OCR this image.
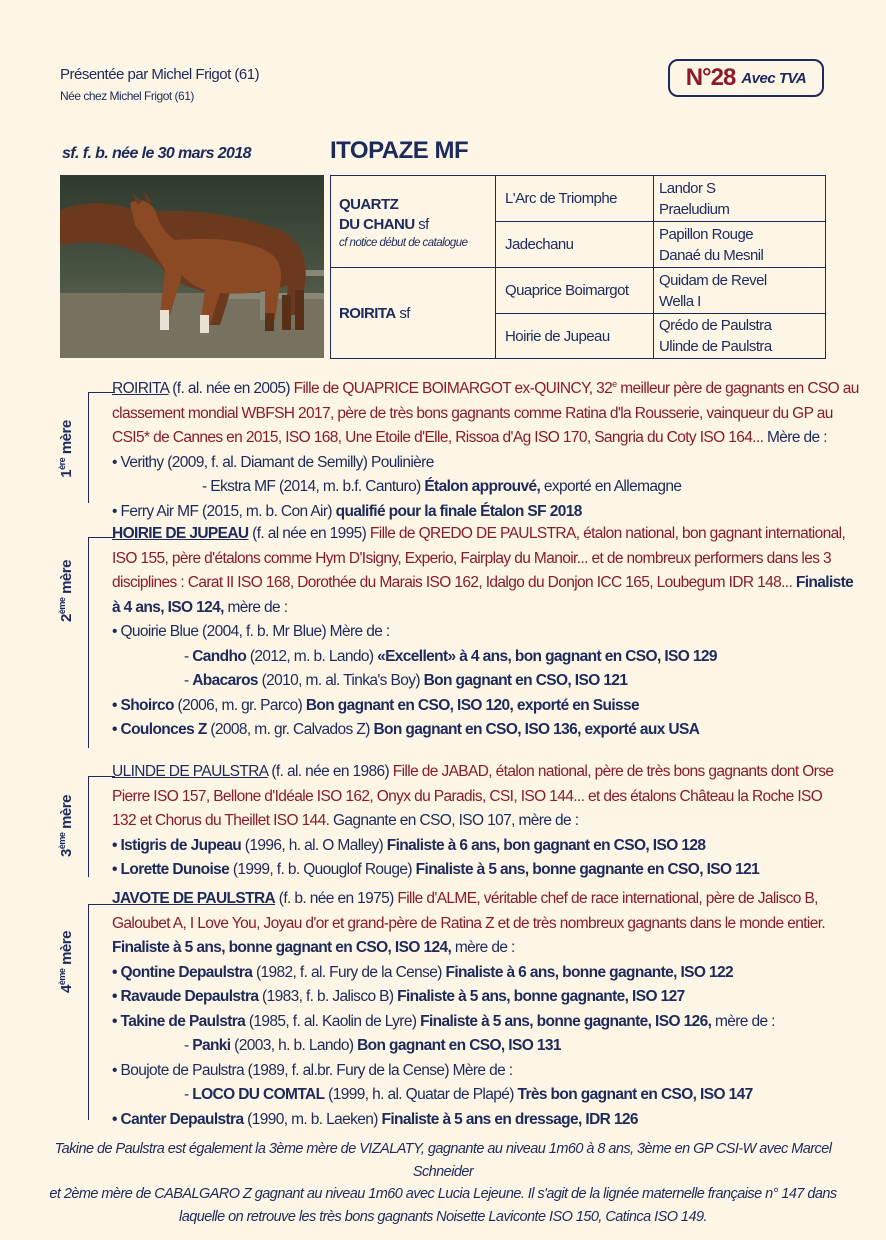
Présentée par Michel Frigot (61)
Née chez Michel Frigot (61)
N°28 Avec TVA
sf. f. b. née le 30 mars 2018	ITOPAZE MF
QUARTZ
DU CHANU sf
cf notice début de catalogue
ROIRITA sf
L'Arc de Triomphe
Jadechanu
Quaprice Boimargot
Hoirie de Jupeau
Landor S
Praeludium
Papillon Rouge
Danaé du Mesnil
Quidam de Revel
Wella I
Qrédo de Paulstra
Ulinde de Paulstra
1ère mère
2ème mère
3ème mère
4ème mère
ROIRITA (f. al. née en 2005) Fille de QUAPRICE BOIMARGOT ex-QUINCY, 32e meilleur père de gagnants en CSO au
classement mondial WBFSH 2017, père de très bons gagnants comme Ratina d'la Rousserie, vainqueur du GP au
CSI5* de Cannes en 2015, ISO 168, Une Etoile d'Elle, Rissoa d'Ag ISO 170, Sangria du Coty ISO 164... Mère de :
• Verithy (2009, f. al. Diamant de Semilly) Poulinière
- Ekstra MF (2014, m. b.f. Canturo) Étalon approuvé, exporté en Allemagne
• Ferry Air MF (2015, m. b. Con Air) qualifié pour la finale Étalon SF 2018
HOIRIE DE JUPEAU (f. al née en 1995) Fille de QREDO DE PAULSTRA, étalon national, bon gagnant international,
ISO 155, père d'étalons comme Hym D'Isigny, Experio, Fairplay du Manoir... et de nombreux performers dans les 3
disciplines : Carat II ISO 168, Dorothée du Marais ISO 162, Idalgo du Donjon ICC 165, Loubegum IDR 148... Finaliste
à 4 ans, ISO 124, mère de :
• Quoirie Blue (2004, f. b. Mr Blue) Mère de :
- Candho (2012, m. b. Lando) «Excellent» à 4 ans, bon gagnant en CSO, ISO 129
- Abacaros (2010, m. al. Tinka's Boy) Bon gagnant en CSO, ISO 121
• Shoirco (2006, m. gr. Parco) Bon gagnant en CSO, ISO 120, exporté en Suisse
• Coulonces Z (2008, m. gr. Calvados Z) Bon gagnant en CSO, ISO 136, exporté aux USA
ULINDE DE PAULSTRA (f. al. née en 1986) Fille de JABAD, étalon national, père de très bons gagnants dont Orse
Pierre ISO 157, Bellone d'Idéale ISO 162, Onyx du Paradis, CSI, ISO 144... et des étalons Château la Roche ISO
132 et Chorus du Theillet ISO 144. Gagnante en CSO, ISO 107, mère de :
• Istigris de Jupeau (1996, h. al. O Malley) Finaliste à 6 ans, bon gagnant en CSO, ISO 128
• Lorette Dunoise (1999, f. b. Quouglof Rouge) Finaliste à 5 ans, bonne gagnante en CSO, ISO 121
JAVOTE DE PAULSTRA (f. b. née en 1975) Fille d'ALME, véritable chef de race international, père de Jalisco B,
Galoubet A, I Love You, Joyau d'or et grand-père de Ratina Z et de très nombreux gagnants dans le monde entier.
Finaliste à 5 ans, bonne gagnant en CSO, ISO 124, mère de :
• Qontine Depaulstra (1982, f. al. Fury de la Cense) Finaliste à 6 ans, bonne gagnante, ISO 122
• Ravaude Depaulstra (1983, f. b. Jalisco B) Finaliste à 5 ans, bonne gagnante, ISO 127
• Takine de Paulstra (1985, f. al. Kaolin de Lyre) Finaliste à 5 ans, bonne gagnante, ISO 126, mère de :
- Panki (2003, h. b. Lando) Bon gagnant en CSO, ISO 131
• Boujote de Paulstra (1989, f. al.br. Fury de la Cense) Mère de :
- LOCO DU COMTAL (1999, h. al. Quatar de Plapé) Très bon gagnant en CSO, ISO 147
• Canter Depaulstra (1990, m. b. Laeken) Finaliste à 5 ans en dressage, IDR 126
Takine de Paulstra est également la 3ème mère de VIZALATY, gagnante au niveau 1m60 à 8 ans, 3ème en GP CSI-W avec Marcel Schneider
et 2ème mère de CABALGARO Z gagnant au niveau 1m60 avec Lucia Lejeune. Il s'agit de la lignée maternelle française n° 147 dans
laquelle on retrouve les très bons gagnants Noisette Laviconte ISO 150, Catinca ISO 149.
